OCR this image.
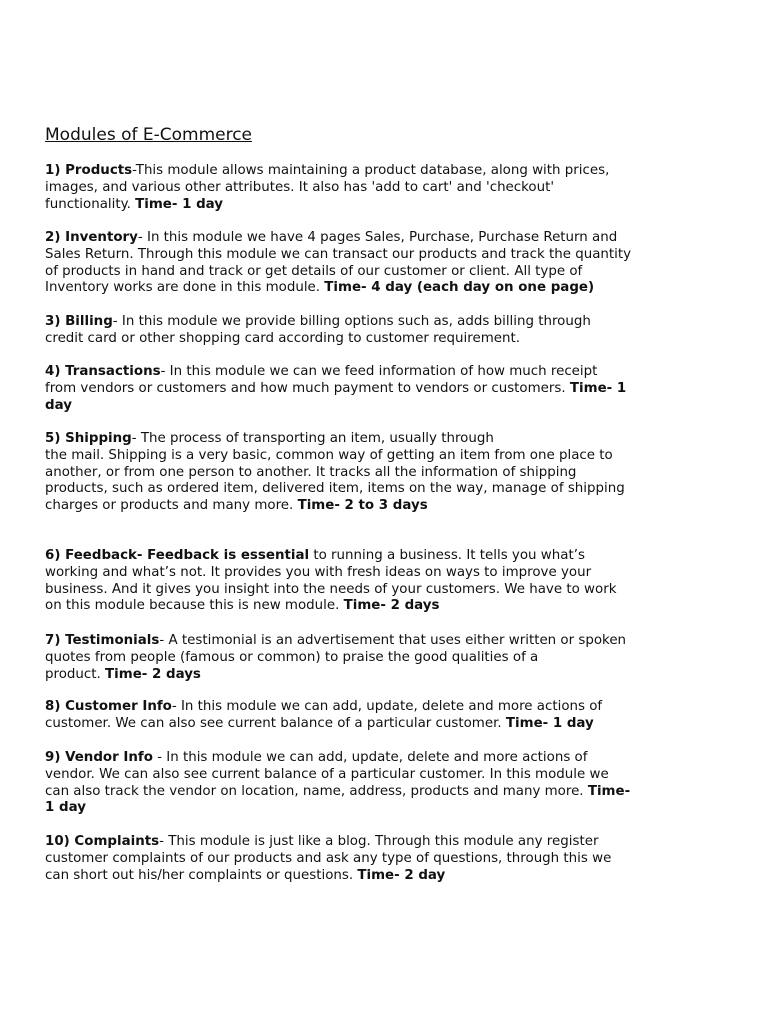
Modules of E-Commerce
1) Products-This module allows maintaining a product database, along with prices,
images, and various other attributes. It also has 'add to cart' and 'checkout'
functionality. Time- 1 day
2) Inventory- In this module we have 4 pages Sales, Purchase, Purchase Return and
Sales Return. Through this module we can transact our products and track the quantity
of products in hand and track or get details of our customer or client. All type of
Inventory works are done in this module. Time- 4 day (each day on one page)
3) Billing- In this module we provide billing options such as, adds billing through
credit card or other shopping card according to customer requirement.
4) Transactions- In this module we can we feed information of how much receipt
from vendors or customers and how much payment to vendors or customers. Time- 1
day
5) Shipping- The process of transporting an item, usually through
the mail. Shipping is a very basic, common way of getting an item from one place to
another, or from one person to another. It tracks all the information of shipping
products, such as ordered item, delivered item, items on the way, manage of shipping
charges or products and many more. Time- 2 to 3 days
6) Feedback- Feedback is essential to running a business. It tells you what’s
working and what’s not. It provides you with fresh ideas on ways to improve your
business. And it gives you insight into the needs of your customers. We have to work
on this module because this is new module. Time- 2 days
7) Testimonials- A testimonial is an advertisement that uses either written or spoken
quotes from people (famous or common) to praise the good qualities of a
product. Time- 2 days
8) Customer Info- In this module we can add, update, delete and more actions of
customer. We can also see current balance of a particular customer. Time- 1 day
9) Vendor Info - In this module we can add, update, delete and more actions of
vendor. We can also see current balance of a particular customer. In this module we
can also track the vendor on location, name, address, products and many more. Time-
1 day
10) Complaints- This module is just like a blog. Through this module any register
customer complaints of our products and ask any type of questions, through this we
can short out his/her complaints or questions. Time- 2 day
